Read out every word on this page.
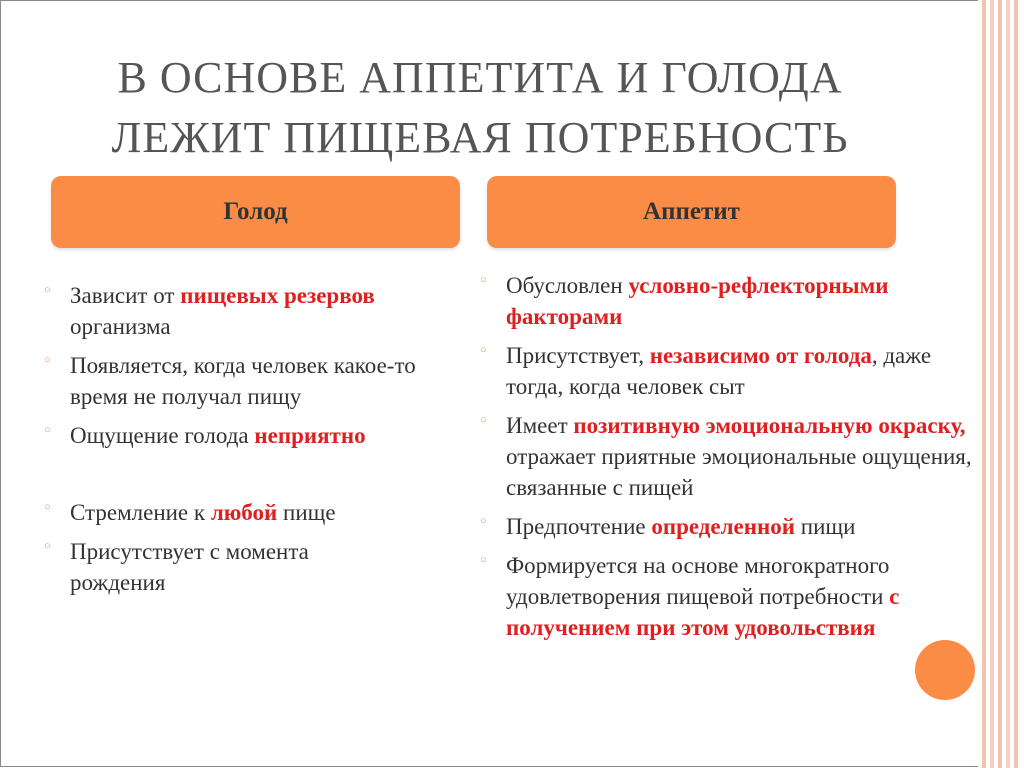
В ОСНОВЕ АППЕТИТА И ГОЛОДА
ЛЕЖИТ ПИЩЕВАЯ ПОТРЕБНОСТЬ
Голод	Аппетит
○ Зависит от пищевых резервов организма
○ Появляется, когда человек какое-то время не получал пищу
○ Ощущение голода неприятно
○ Стремление к любой пище
○ Присутствует с момента рождения
○ Обусловлен условно-рефлекторными факторами
○ Присутствует, независимо от голода, даже тогда, когда человек сыт
○ Имеет позитивную эмоциональную окраску, отражает приятные эмоциональные ощущения, связанные с пищей
○ Предпочтение определенной пищи
○ Формируется на основе многократного удовлетворения пищевой потребности с получением при этом удовольствия
